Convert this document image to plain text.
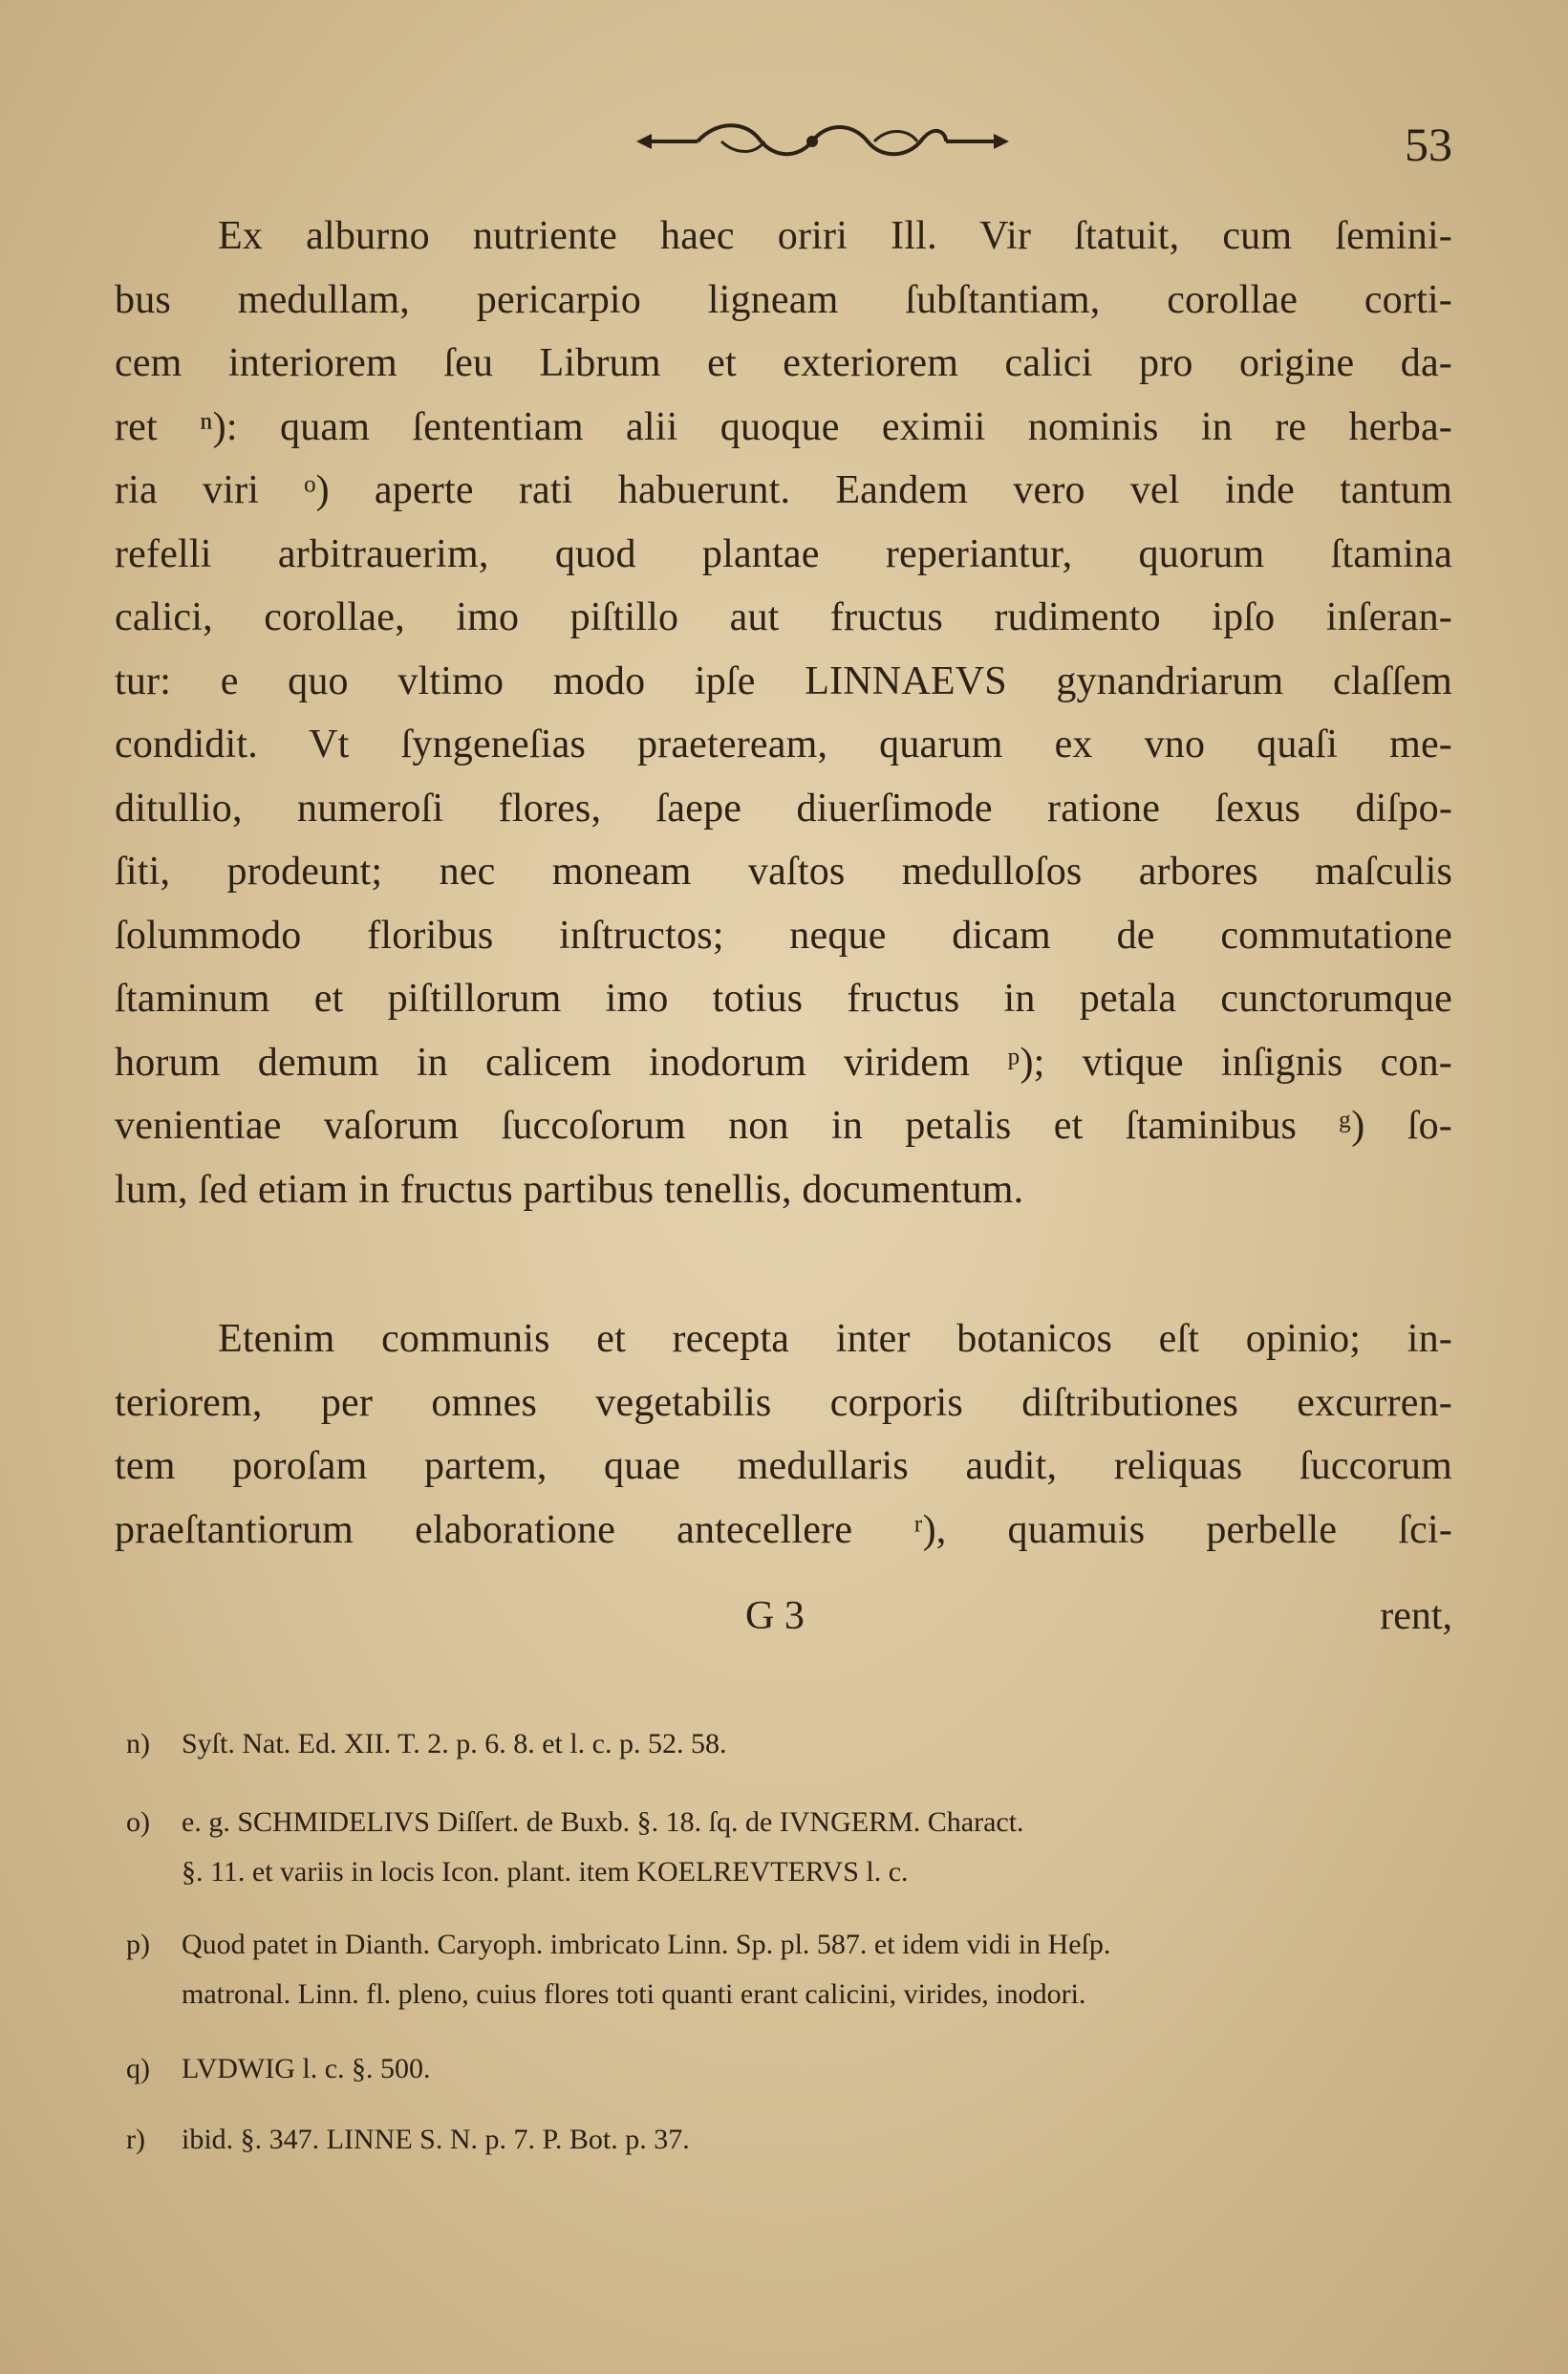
53
Ex alburno nutriente haec oriri Ill. Vir ſtatuit, cum ſemini-
bus medullam, pericarpio ligneam ſubſtantiam, corollae corti-
cem interiorem ſeu Librum et exteriorem calici pro origine da-
ret ⁿ): quam ſententiam alii quoque eximii nominis in re herba-
ria viri ᵒ) aperte rati habuerunt. Eandem vero vel inde tantum
refelli arbitrauerim, quod plantae reperiantur, quorum ſtamina
calici, corollae, imo piſtillo aut fructus rudimento ipſo inſeran-
tur: e quo vltimo modo ipſe LINNAEVS gynandriarum claſſem
condidit. Vt ſyngeneſias praeteream, quarum ex vno quaſi me-
ditullio, numeroſi flores, ſaepe diuerſimode ratione ſexus diſpo-
ſiti, prodeunt; nec moneam vaſtos medulloſos arbores maſculis
ſolummodo floribus inſtructos; neque dicam de commutatione
ſtaminum et piſtillorum imo totius fructus in petala cunctorumque
horum demum in calicem inodorum viridem ᵖ); vtique inſignis con-
venientiae vaſorum ſuccoſorum non in petalis et ſtaminibus ᵍ) ſo-
lum, ſed etiam in fructus partibus tenellis, documentum.
Etenim communis et recepta inter botanicos eſt opinio; in-
teriorem, per omnes vegetabilis corporis diſtributiones excurren-
tem poroſam partem, quae medullaris audit, reliquas ſuccorum
praeſtantiorum elaboratione antecellere ʳ), quamuis perbelle ſci-
G 3	rent,
n) Syſt. Nat. Ed. XII. T. 2. p. 6. 8. et l. c. p. 52. 58.
o) e. g. SCHMIDELIVS Diſſert. de Buxb. §. 18. ſq. de IVNGERM. Charact.
§. 11. et variis in locis Icon. plant. item KOELREVTERVS l. c.
p) Quod patet in Dianth. Caryoph. imbricato Linn. Sp. pl. 587. et idem vidi in Heſp.
matronal. Linn. fl. pleno, cuius flores toti quanti erant calicini, virides, inodori.
q) LVDWIG l. c. §. 500.
r) ibid. §. 347. LINNE S. N. p. 7. P. Bot. p. 37.
